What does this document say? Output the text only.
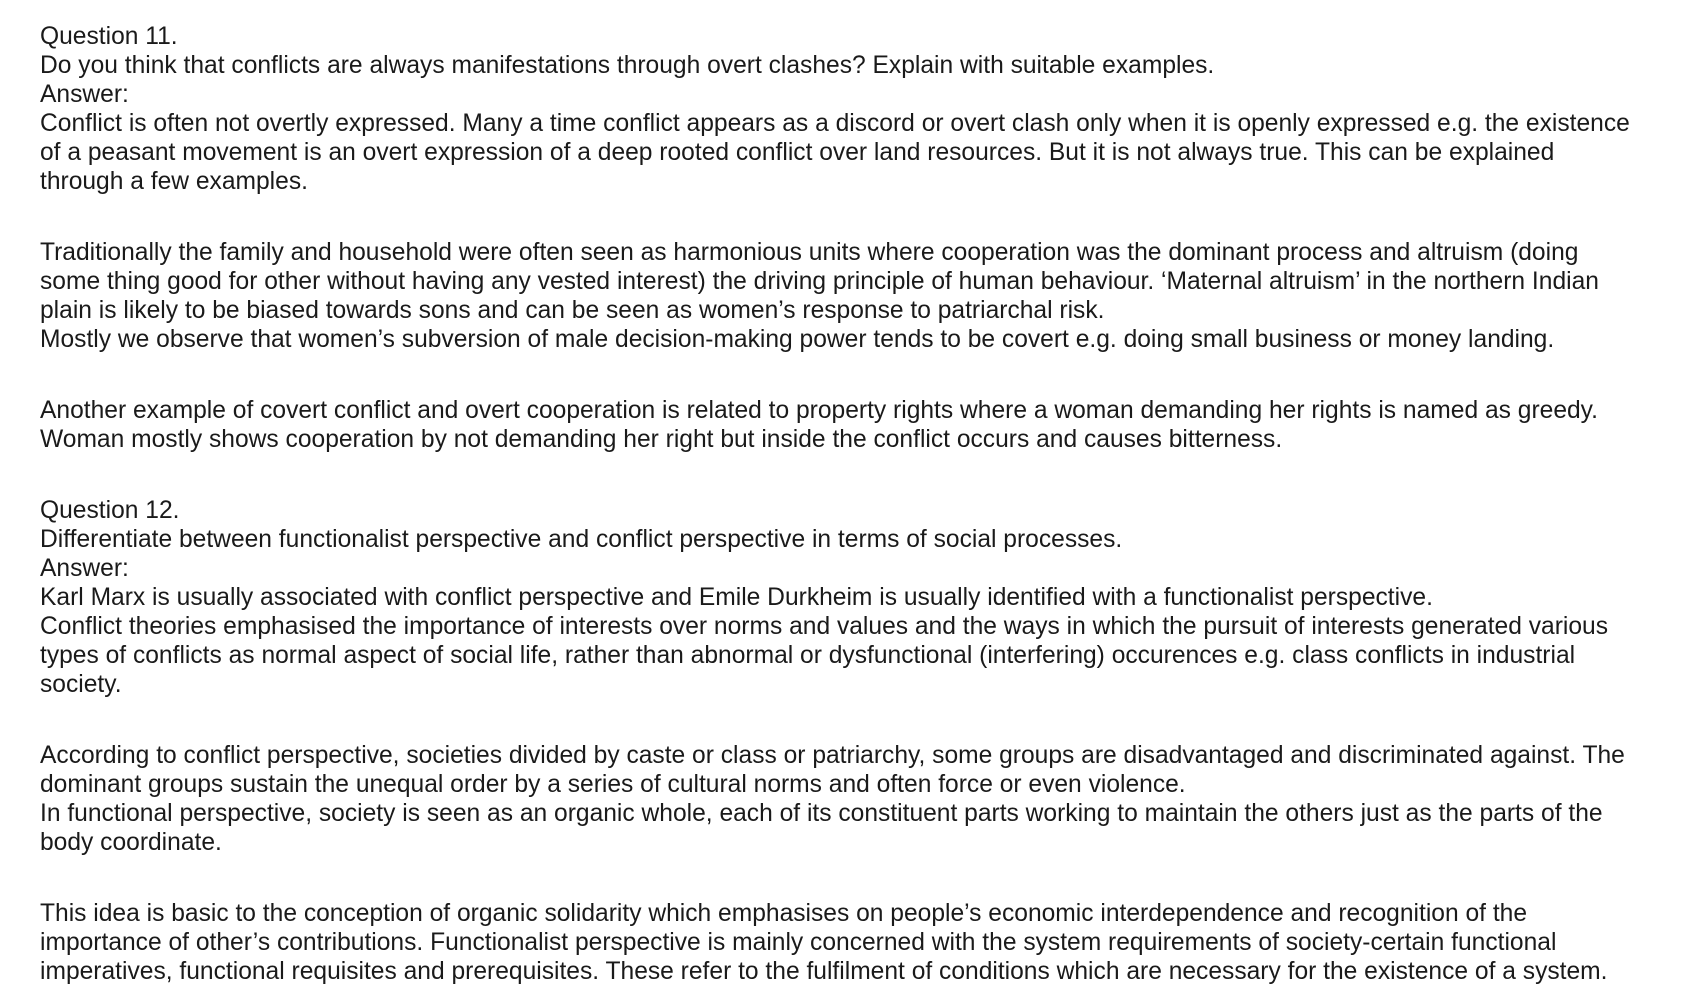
Question 11.
Do you think that conflicts are always manifestations through overt clashes? Explain with suitable examples.
Answer:
Conflict is often not overtly expressed. Many a time conflict appears as a discord or overt clash only when it is openly expressed e.g. the existence
of a peasant movement is an overt expression of a deep rooted conflict over land resources. But it is not always true. This can be explained
through a few examples.
Traditionally the family and household were often seen as harmonious units where cooperation was the dominant process and altruism (doing
some thing good for other without having any vested interest) the driving principle of human behaviour. ‘Maternal altruism’ in the northern Indian
plain is likely to be biased towards sons and can be seen as women’s response to patriarchal risk.
Mostly we observe that women’s subversion of male decision-making power tends to be covert e.g. doing small business or money landing.
Another example of covert conflict and overt cooperation is related to property rights where a woman demanding her rights is named as greedy.
Woman mostly shows cooperation by not demanding her right but inside the conflict occurs and causes bitterness.
Question 12.
Differentiate between functionalist perspective and conflict perspective in terms of social processes.
Answer:
Karl Marx is usually associated with conflict perspective and Emile Durkheim is usually identified with a functionalist perspective.
Conflict theories emphasised the importance of interests over norms and values and the ways in which the pursuit of interests generated various
types of conflicts as normal aspect of social life, rather than abnormal or dysfunctional (interfering) occurences e.g. class conflicts in industrial
society.
According to conflict perspective, societies divided by caste or class or patriarchy, some groups are disadvantaged and discriminated against. The
dominant groups sustain the unequal order by a series of cultural norms and often force or even violence.
In functional perspective, society is seen as an organic whole, each of its constituent parts working to maintain the others just as the parts of the
body coordinate.
This idea is basic to the conception of organic solidarity which emphasises on people’s economic interdependence and recognition of the
importance of other’s contributions. Functionalist perspective is mainly concerned with the system requirements of society-certain functional
imperatives, functional requisites and prerequisites. These refer to the fulfilment of conditions which are necessary for the existence of a system.
